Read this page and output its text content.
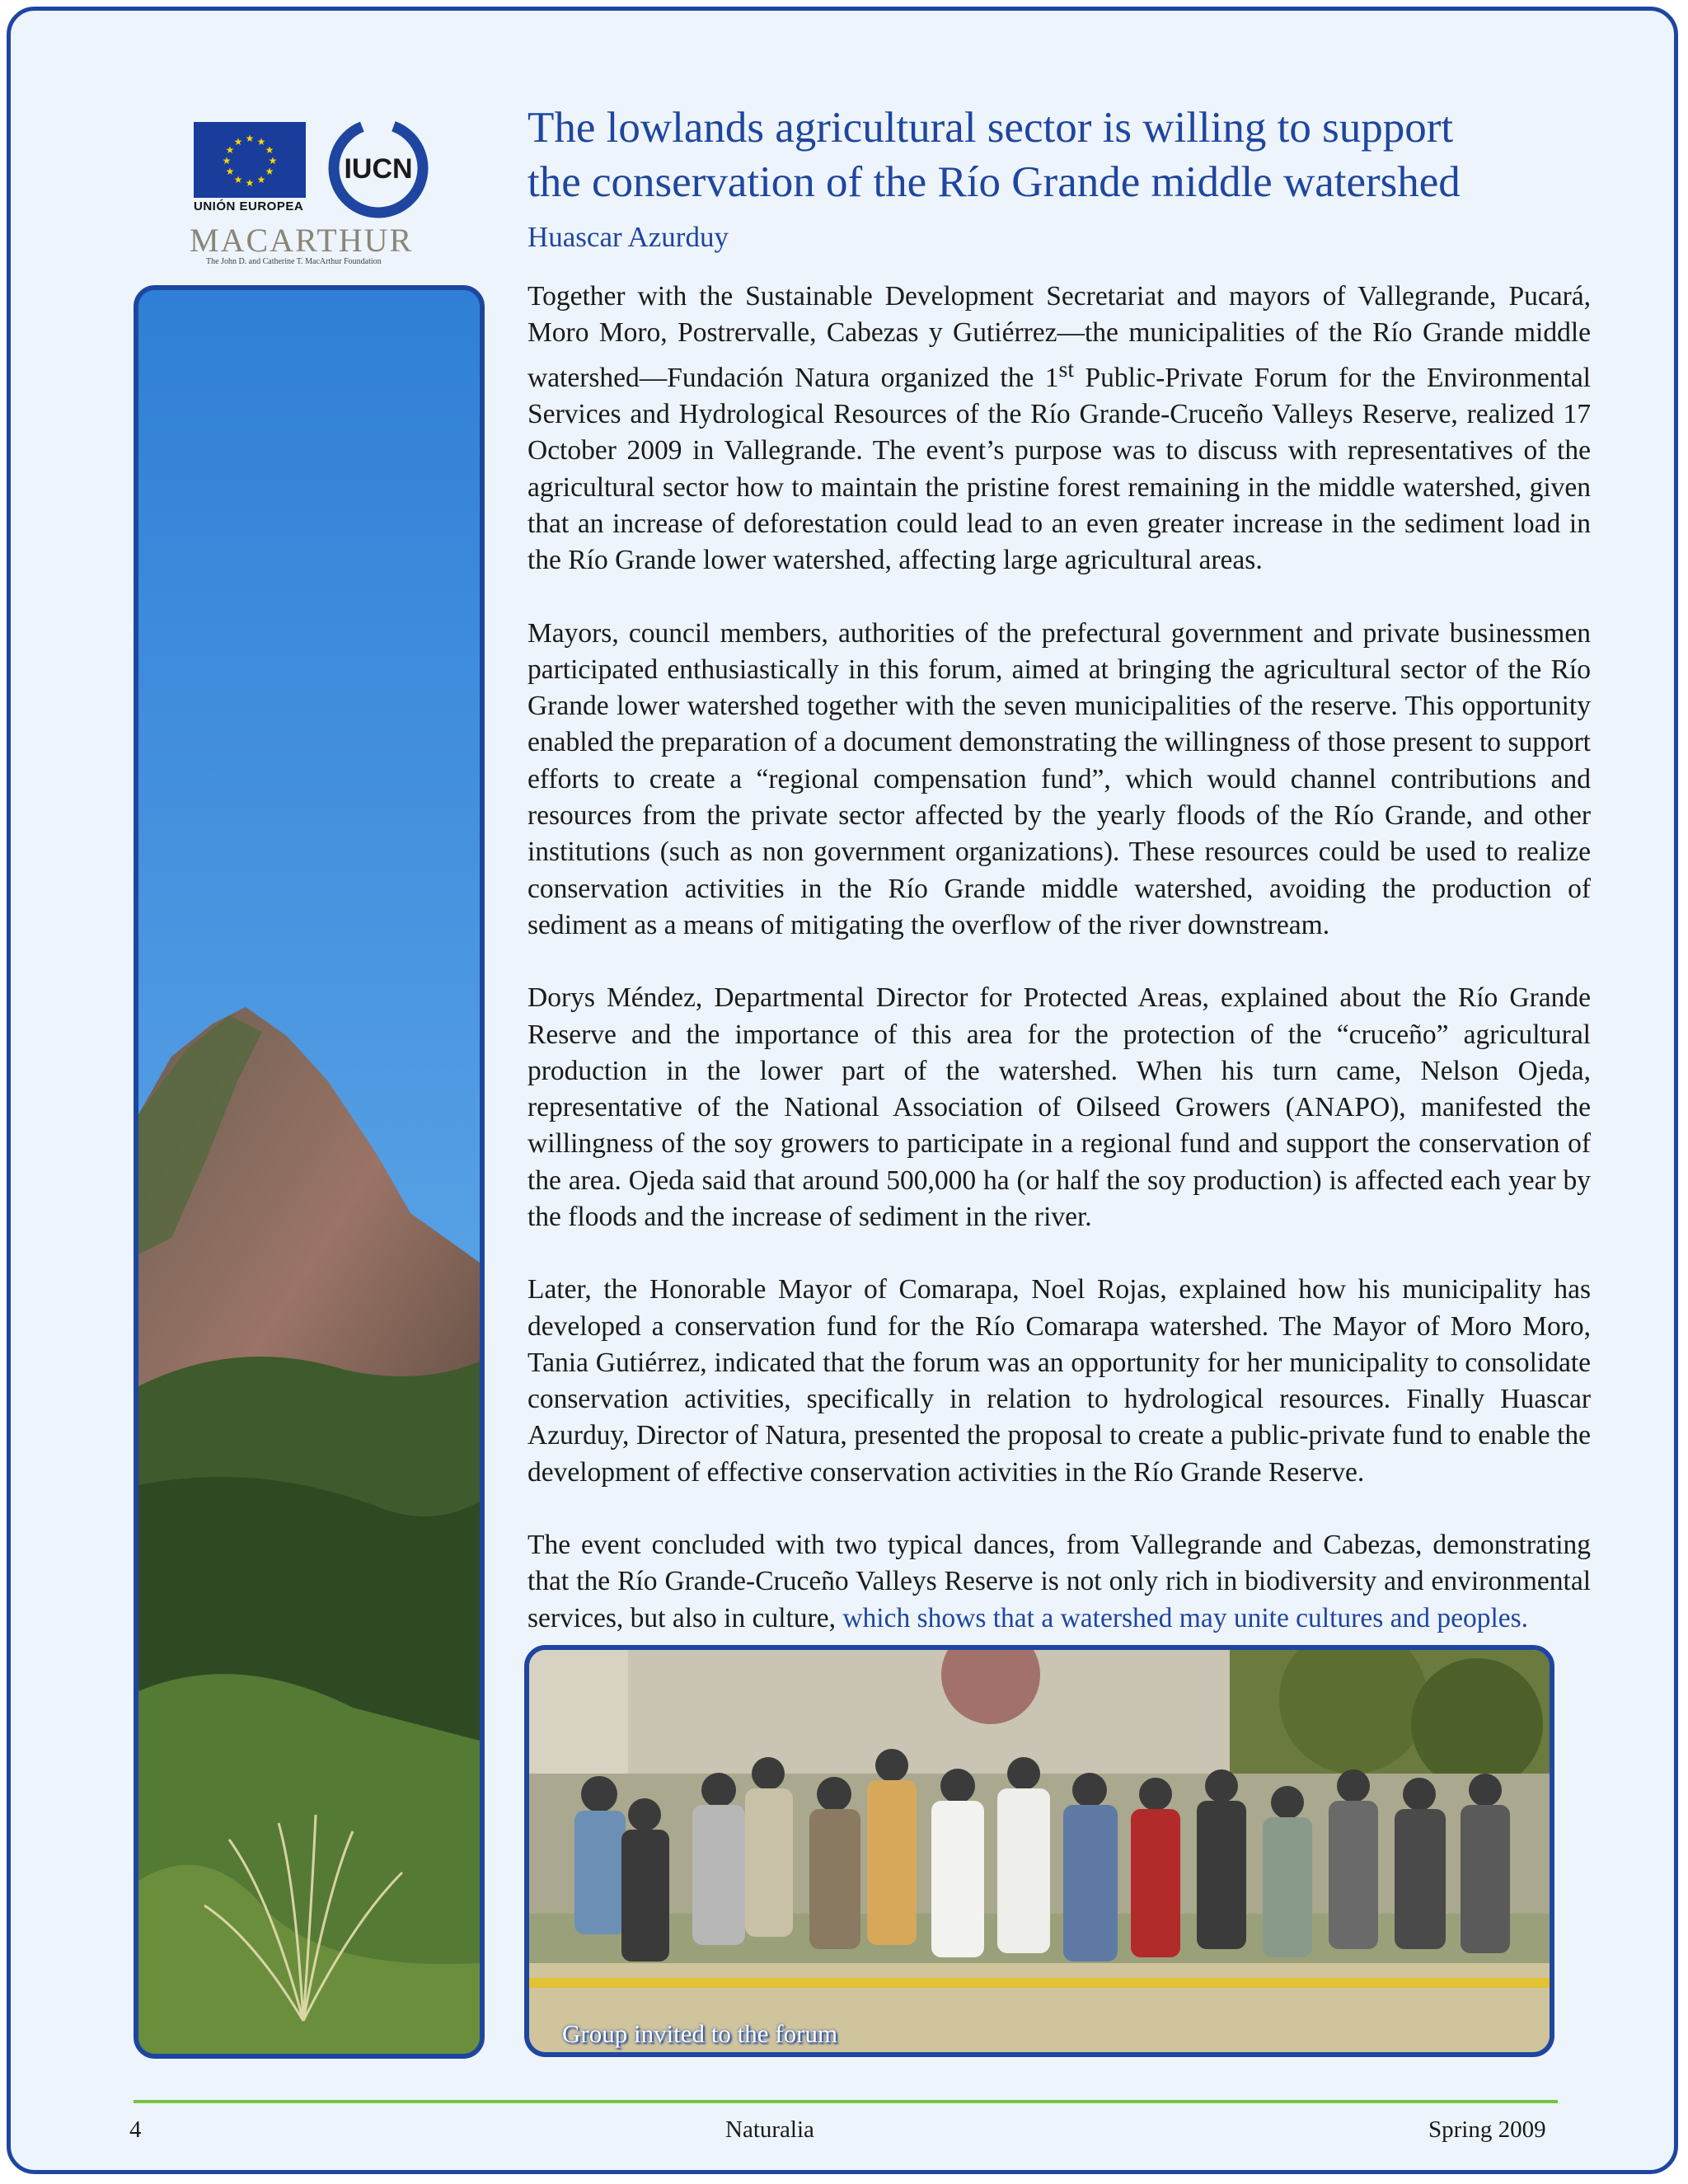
★ ★
★
★
★
★
★
★
★
★
★
★
UNIÓN EUROPEA
IUCN
MACARTHUR
The John D. and Catherine T. MacArthur Foundation
The lowlands agricultural sector is willing to support
the conservation of the Río Grande middle watershed
Huascar Azurduy

Together with the Sustainable Development Secretariat and mayors of Vallegrande, Pucará, Moro Moro, Postrervalle, Cabezas y Gutiérrez—the municipalities of the Río Grande middle watershed—Fundación Natura organized the 1st Public-Private Forum for the Environmental Services and Hydrological Resources of the Río Grande-Cruceño Valleys Reserve, realized 17 October 2009 in Vallegrande. The event’s purpose was to discuss with representatives of the agricultural sector how to maintain the pristine forest remaining in the middle watershed, given that an increase of deforestation could lead to an even greater increase in the sediment load in the Río Grande lower watershed, affecting large agricultural areas.

Mayors, council members, authorities of the prefectural government and private businessmen participated enthusiastically in this forum, aimed at bringing the agricultural sector of the Río Grande lower watershed together with the seven municipalities of the reserve. This opportunity enabled the preparation of a document demonstrating the willingness of those present to support efforts to create a “regional compensation fund”, which would channel contributions and resources from the private sector affected by the yearly floods of the Río Grande, and other institutions (such as non government organizations). These resources could be used to realize conservation activities in the Río Grande middle watershed, avoiding the production of sediment as a means of mitigating the overflow of the river downstream.

Dorys Méndez, Departmental Director for Protected Areas, explained about the Río Grande Reserve and the importance of this area for the protection of the “cruceño” agricultural production in the lower part of the watershed. When his turn came, Nelson Ojeda, representative of the National Association of Oilseed Growers (ANAPO), manifested the willingness of the soy growers to participate in a regional fund and support the conservation of the area. Ojeda said that around 500,000 ha (or half the soy production) is affected each year by the floods and the increase of sediment in the river.

Later, the Honorable Mayor of Comarapa, Noel Rojas, explained how his municipality has developed a conservation fund for the Río Comarapa watershed. The Mayor of Moro Moro, Tania Gutiérrez, indicated that the forum was an opportunity for her municipality to consolidate conservation activities, specifically in relation to hydrological resources. Finally Huascar Azurduy, Director of Natura, presented the proposal to create a public-private fund to enable the development of effective conservation activities in the Río Grande Reserve.

The event concluded with two typical dances, from Vallegrande and Cabezas, demonstrating that the Río Grande-Cruceño Valleys Reserve is not only rich in biodiversity and environmental services, but also in culture, which shows that a watershed may unite cultures and peoples.

Group invited to the forum
4	Naturalia	Spring 2009
